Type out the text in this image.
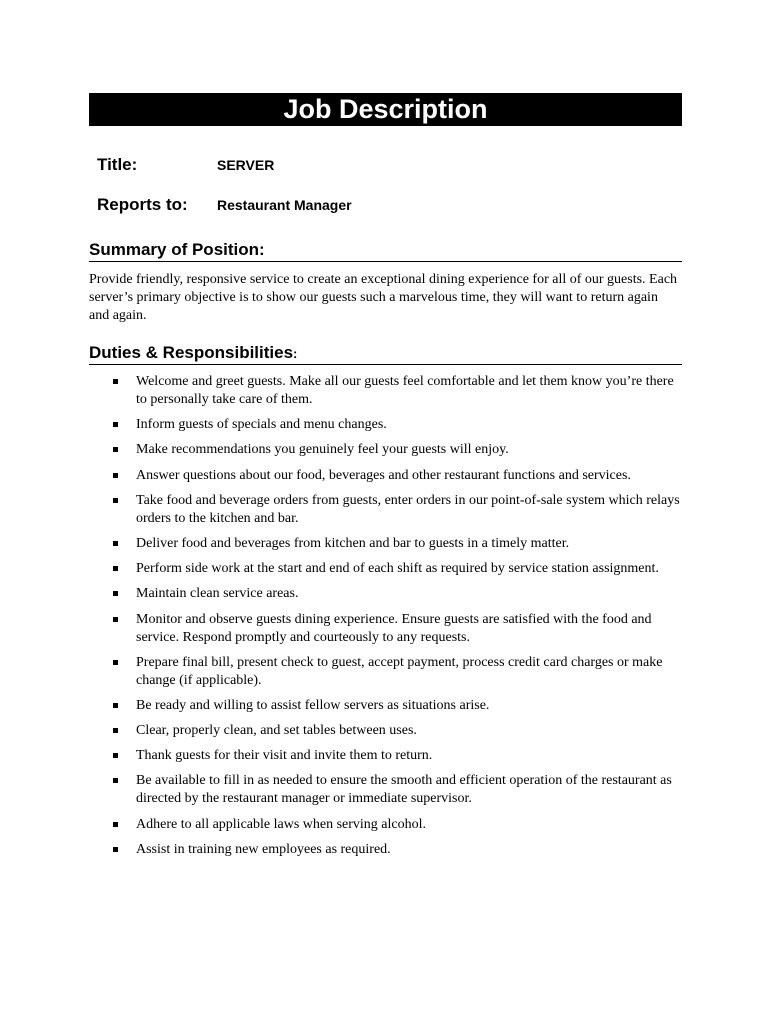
Job Description
Title:	SERVER
Reports to: Restaurant Manager
Summary of Position:
Provide friendly, responsive service to create an exceptional dining experience for all of our guests. Each server’s primary objective is to show our guests such a marvelous time, they will want to return again and again.
Duties & Responsibilities:
Welcome and greet guests. Make all our guests feel comfortable and let them know you’re there to personally take care of them.
Inform guests of specials and menu changes.
Make recommendations you genuinely feel your guests will enjoy.
Answer questions about our food, beverages and other restaurant functions and services.
Take food and beverage orders from guests, enter orders in our point-of-sale system which relays orders to the kitchen and bar.
Deliver food and beverages from kitchen and bar to guests in a timely matter.
Perform side work at the start and end of each shift as required by service station assignment.
Maintain clean service areas.
Monitor and observe guests dining experience. Ensure guests are satisfied with the food and service. Respond promptly and courteously to any requests.
Prepare final bill, present check to guest, accept payment, process credit card charges or make change (if applicable).
Be ready and willing to assist fellow servers as situations arise.
Clear, properly clean, and set tables between uses.
Thank guests for their visit and invite them to return.
Be available to fill in as needed to ensure the smooth and efficient operation of the restaurant as directed by the restaurant manager or immediate supervisor.
Adhere to all applicable laws when serving alcohol.
Assist in training new employees as required.
